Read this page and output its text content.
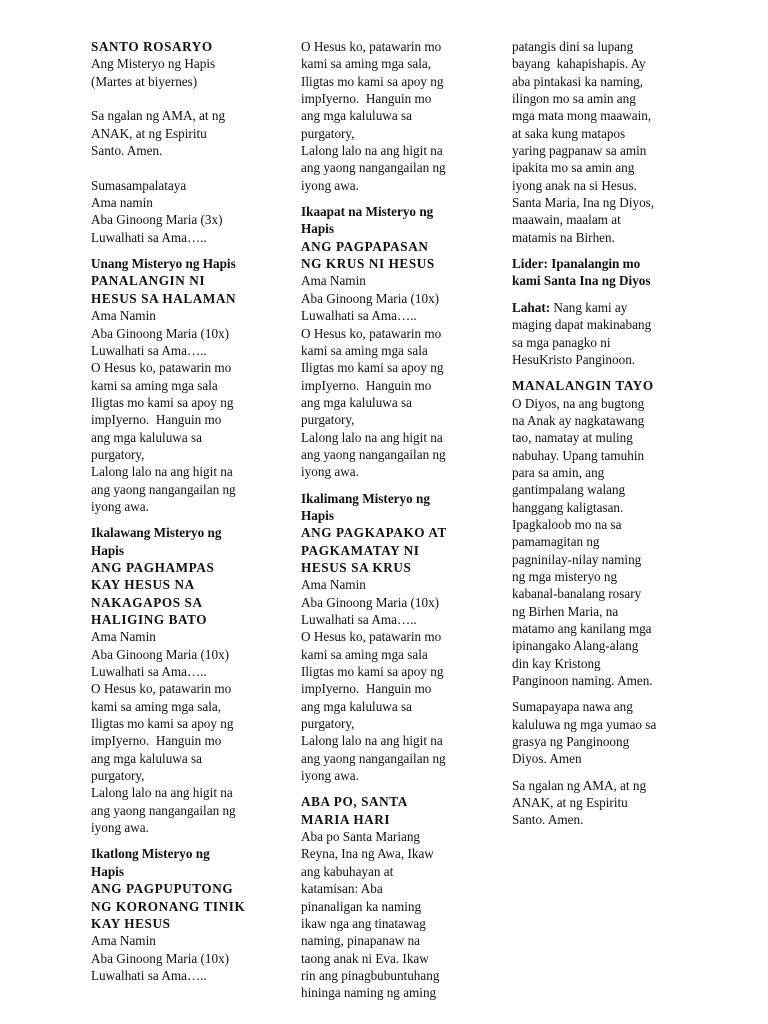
SANTO ROSARYO
Ang Misteryo ng Hapis
(Martes at biyernes)
Sa ngalan ng AMA, at ng
ANAK, at ng Espiritu
Santo. Amen.
Sumasampalataya
Ama namin
Aba Ginoong Maria (3x)
Luwalhati sa Ama…..
Unang Misteryo ng Hapis
PANALANGIN NI
HESUS SA HALAMAN
Ama Namin
Aba Ginoong Maria (10x)
Luwalhati sa Ama…..
O Hesus ko, patawarin mo
kami sa aming mga sala
Iligtas mo kami sa apoy ng
impIyerno.  Hanguin mo
ang mga kaluluwa sa
purgatory,
Lalong lalo na ang higit na
ang yaong nangangailan ng
iyong awa.
Ikalawang Misteryo ng
Hapis
ANG PAGHAMPAS
KAY HESUS NA
NAKAGAPOS SA
HALIGING BATO
Ama Namin
Aba Ginoong Maria (10x)
Luwalhati sa Ama…..
O Hesus ko, patawarin mo
kami sa aming mga sala,
Iligtas mo kami sa apoy ng
impIyerno.  Hanguin mo
ang mga kaluluwa sa
purgatory,
Lalong lalo na ang higit na
ang yaong nangangailan ng
iyong awa.
Ikatlong Misteryo ng
Hapis
ANG PAGPUPUTONG
NG KORONANG TINIK
KAY HESUS
Ama Namin
Aba Ginoong Maria (10x)
Luwalhati sa Ama…..
O Hesus ko, patawarin mo
kami sa aming mga sala,
Iligtas mo kami sa apoy ng
impIyerno.  Hanguin mo
ang mga kaluluwa sa
purgatory,
Lalong lalo na ang higit na
ang yaong nangangailan ng
iyong awa.
Ikaapat na Misteryo ng
Hapis
ANG PAGPAPASAN
NG KRUS NI HESUS
Ama Namin
Aba Ginoong Maria (10x)
Luwalhati sa Ama…..
O Hesus ko, patawarin mo
kami sa aming mga sala
Iligtas mo kami sa apoy ng
impIyerno.  Hanguin mo
ang mga kaluluwa sa
purgatory,
Lalong lalo na ang higit na
ang yaong nangangailan ng
iyong awa.
Ikalimang Misteryo ng
Hapis
ANG PAGKAPAKO AT
PAGKAMATAY NI
HESUS SA KRUS
Ama Namin
Aba Ginoong Maria (10x)
Luwalhati sa Ama…..
O Hesus ko, patawarin mo
kami sa aming mga sala
Iligtas mo kami sa apoy ng
impIyerno.  Hanguin mo
ang mga kaluluwa sa
purgatory,
Lalong lalo na ang higit na
ang yaong nangangailan ng
iyong awa.
ABA PO, SANTA
MARIA HARI
Aba po Santa Mariang
Reyna, Ina ng Awa, Ikaw
ang kabuhayan at
katamisan: Aba
pinanaligan ka naming
ikaw nga ang tinatawag
naming, pinapanaw na
taong anak ni Eva. Ikaw
rin ang pinagbubuntuhang
hininga naming ng aming
patangis dini sa lupang
bayang  kahapishapis. Ay
aba pintakasi ka naming,
ilingon mo sa amin ang
mga mata mong maawain,
at saka kung matapos
yaring pagpanaw sa amin
ipakita mo sa amin ang
iyong anak na si Hesus.
Santa Maria, Ina ng Diyos,
maawain, maalam at
matamis na Birhen.
Lider: Ipanalangin mo
kami Santa Ina ng Diyos
Lahat: Nang kami ay
maging dapat makinabang
sa mga panagko ni
HesuKristo Panginoon.
MANALANGIN TAYO
O Diyos, na ang bugtong
na Anak ay nagkatawang
tao, namatay at muling
nabuhay. Upang tamuhin
para sa amin, ang
gantimpalang walang
hanggang kaligtasan.
Ipagkaloob mo na sa
pamamagitan ng
pagninilay-nilay naming
ng mga misteryo ng
kabanal-banalang rosary
ng Birhen Maria, na
matamo ang kanilang mga
ipinangako Alang-alang
din kay Kristong
Panginoon naming. Amen.
Sumapayapa nawa ang
kaluluwa ng mga yumao sa
grasya ng Panginoong
Diyos. Amen
Sa ngalan ng AMA, at ng
ANAK, at ng Espiritu
Santo. Amen.
